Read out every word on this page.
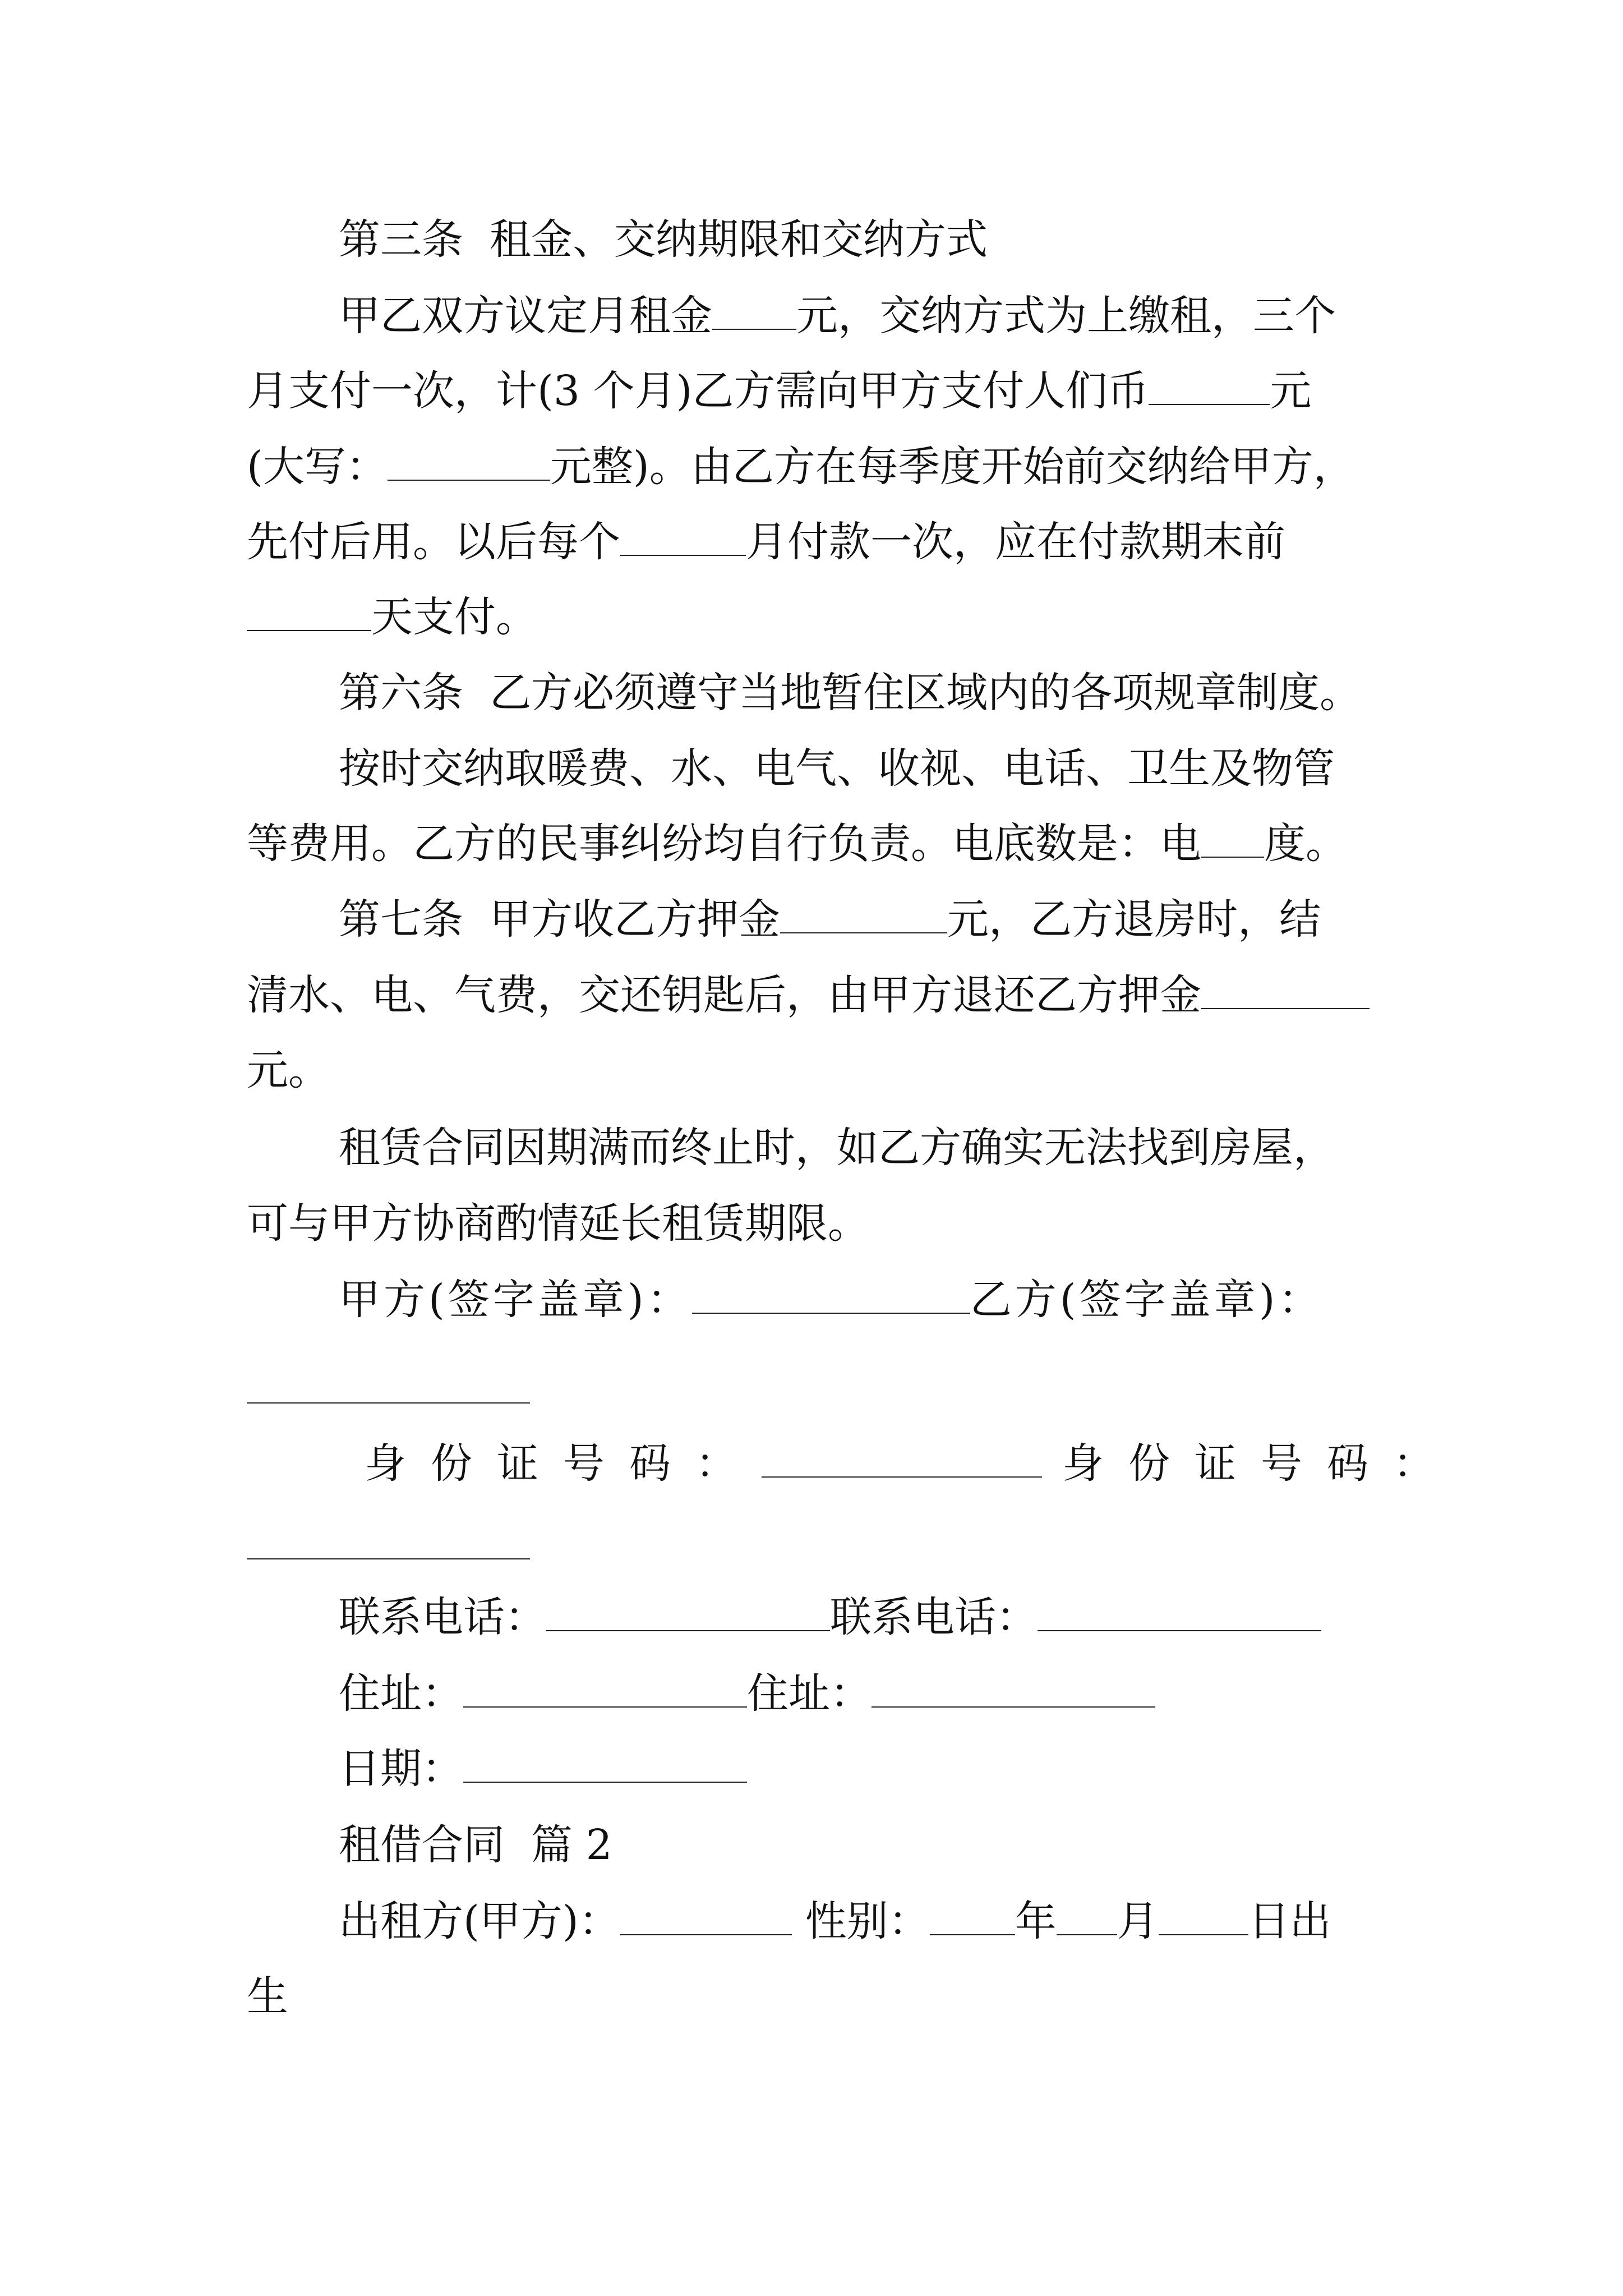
第三条  租金、交纳期限和交纳方式
甲乙双方议定月租金 元，交纳方式为上缴租，三个
月支付一次，计(3 个月)乙方需向甲方支付人们币	元
(大写：	元整)。由乙方在每季度开始前交纳给甲方，
先付后用。以后每个	月付款一次，应在付款期末前
天支付。
第六条  乙方必须遵守当地暂住区域内的各项规章制度。
按时交纳取暖费、水、电气、收视、电话、卫生及物管
等费用。乙方的民事纠纷均自行负责。电底数是：电 度。
第七条  甲方收乙方押金	元，乙方退房时，结
清水、电、气费，交还钥匙后，由甲方退还乙方押金
元。
租赁合同因期满而终止时，如乙方确实无法找到房屋，
可与甲方协商酌情延长租赁期限。
甲方(签字盖章)：	乙方(签字盖章)：
身份证号码：	身份证号码：
联系电话：	联系电话：
住址：	住址：
日期：
租借合同  篇 2
出租方(甲方)：	性别： 年 月 日出
生
